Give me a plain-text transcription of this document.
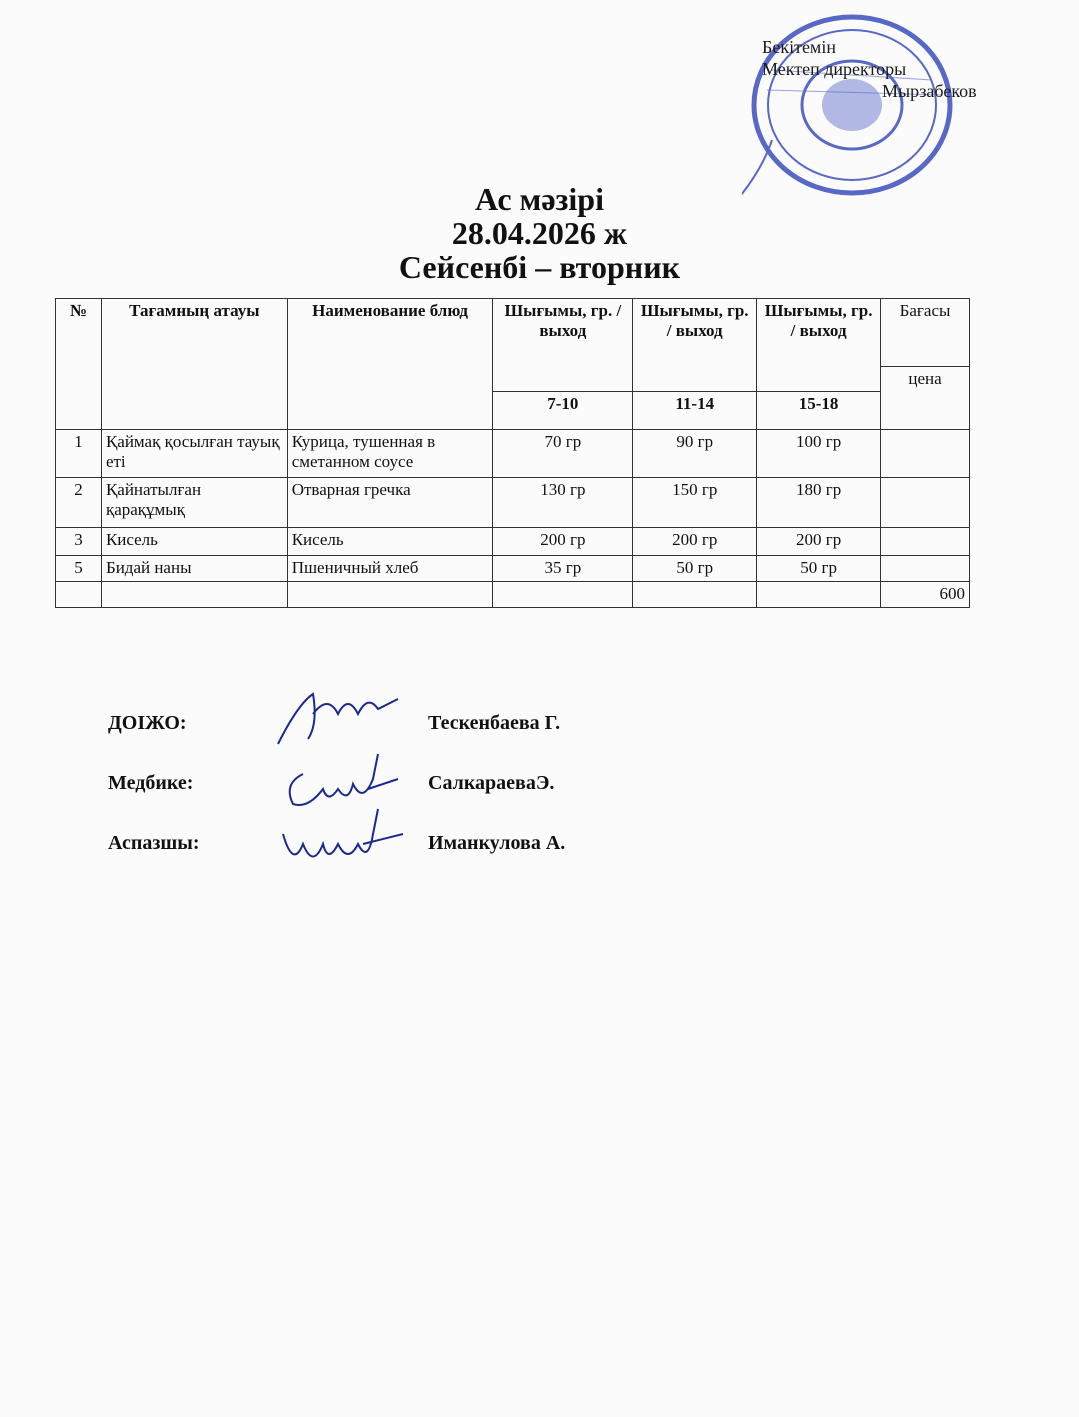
Бекітемін
Мектеп директоры
Мырзабеков
Ас мәзірі
28.04.2026 ж
Сейсенбі – вторник
№	Тағамның атауы	Наименование блюд	Шығымы, гр. / выход	Шығымы, гр. / выход	Шығымы, гр. / выход	Бағасы
						цена
			7-10	11-14	15-18	
1	Қаймақ қосылған тауық еті	Курица, тушенная в сметанном соусе	70 гр	90 гр	100 гр	
2	Қайнатылған қарақұмық	Отварная гречка	130 гр	150 гр	180 гр	
3	Кисель	Кисель	200 гр	200 гр	200 гр	
5	Бидай наны	Пшеничный хлеб	35 гр	50 гр	50 гр	
						600
ДОІЖО:	Тескенбаева Г.
Медбике:	СалкараеваЭ.
Аспазшы:	Иманкулова А.
